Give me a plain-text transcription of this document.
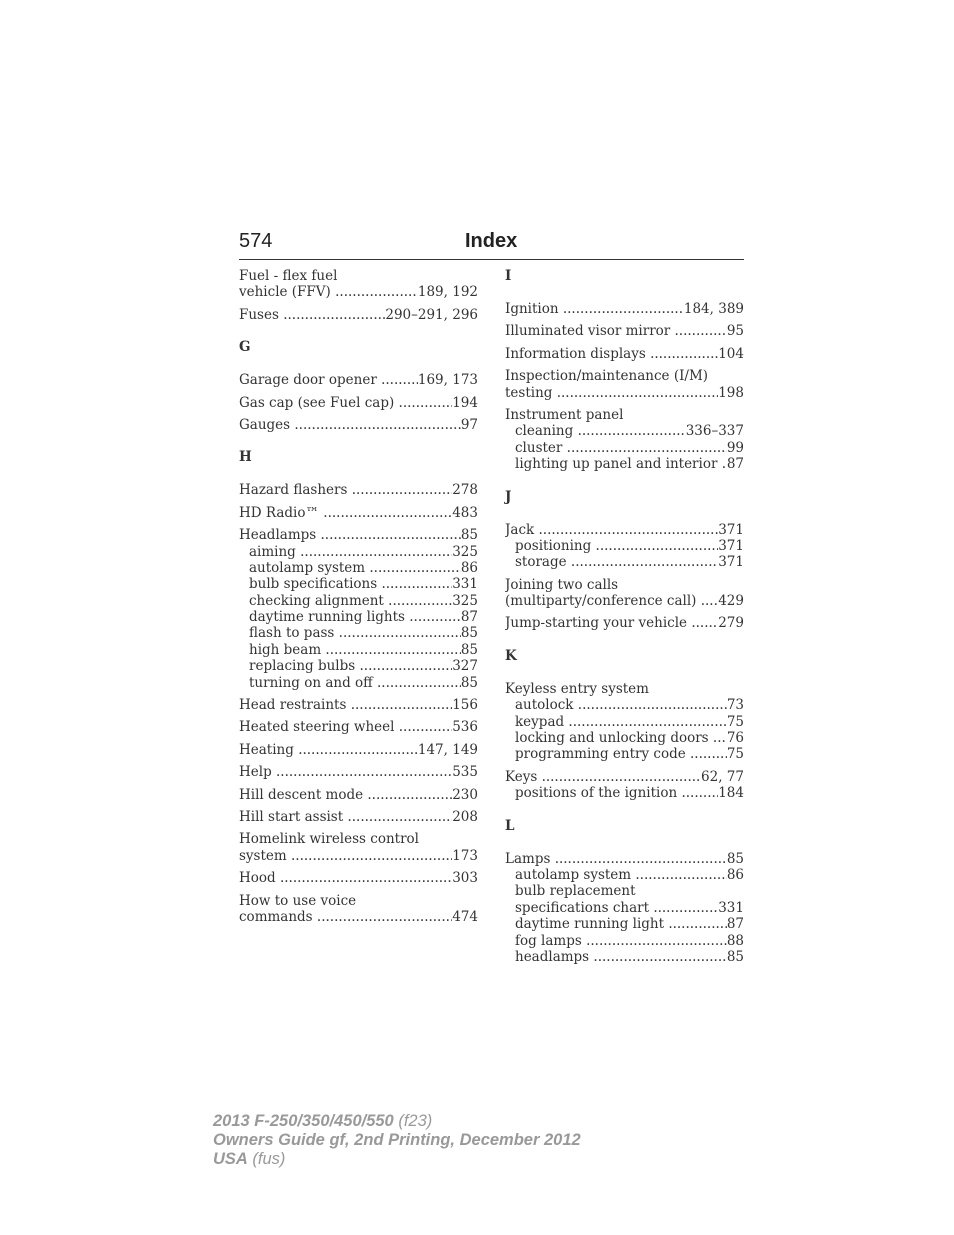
574	Index
Fuel - flex fuel
vehicle (FFV) .....	189, 192
Fuses .....	290–291, 296
G
Garage door opener .....	169, 173
Gas cap (see Fuel cap) .....	194
Gauges .....	97
H
Hazard flashers .....	278
HD Radio™ .....	483
Headlamps .....	85
aiming .....	325
autolamp system .....	86
bulb specifications .....	331
checking alignment .....	325
daytime running lights .....	87
flash to pass .....	85
high beam .....	85
replacing bulbs .....	327
turning on and off .....	85
Head restraints .....	156
Heated steering wheel .....	536
Heating .....	147, 149
Help .....	535
Hill descent mode .....	230
Hill start assist .....	208
Homelink wireless control
system .....	173
Hood .....	303
How to use voice
commands .....	474
I
Ignition .....	184, 389
Illuminated visor mirror .....	95
Information displays .....	104
Inspection/maintenance (I/M)
testing .....	198
Instrument panel
cleaning .....	336–337
cluster .....	99
lighting up panel and interior ..... 87
J
Jack .....	371
positioning .....	371
storage .....	371
Joining two calls
(multiparty/conference call) ..... 429
Jump-starting your vehicle ..... 279
K
Keyless entry system
autolock .....	73
keypad .....	75
locking and unlocking doors ..... 76
programming entry code .....	75
Keys .....	62, 77
positions of the ignition .....	184
L
Lamps .....	85
autolamp system .....	86
bulb replacement
specifications chart .....	331
daytime running light .....	87
fog lamps .....	88
headlamps .....	85
2013 F-250/350/450/550 (f23)
Owners Guide gf, 2nd Printing, December 2012
USA (fus)
